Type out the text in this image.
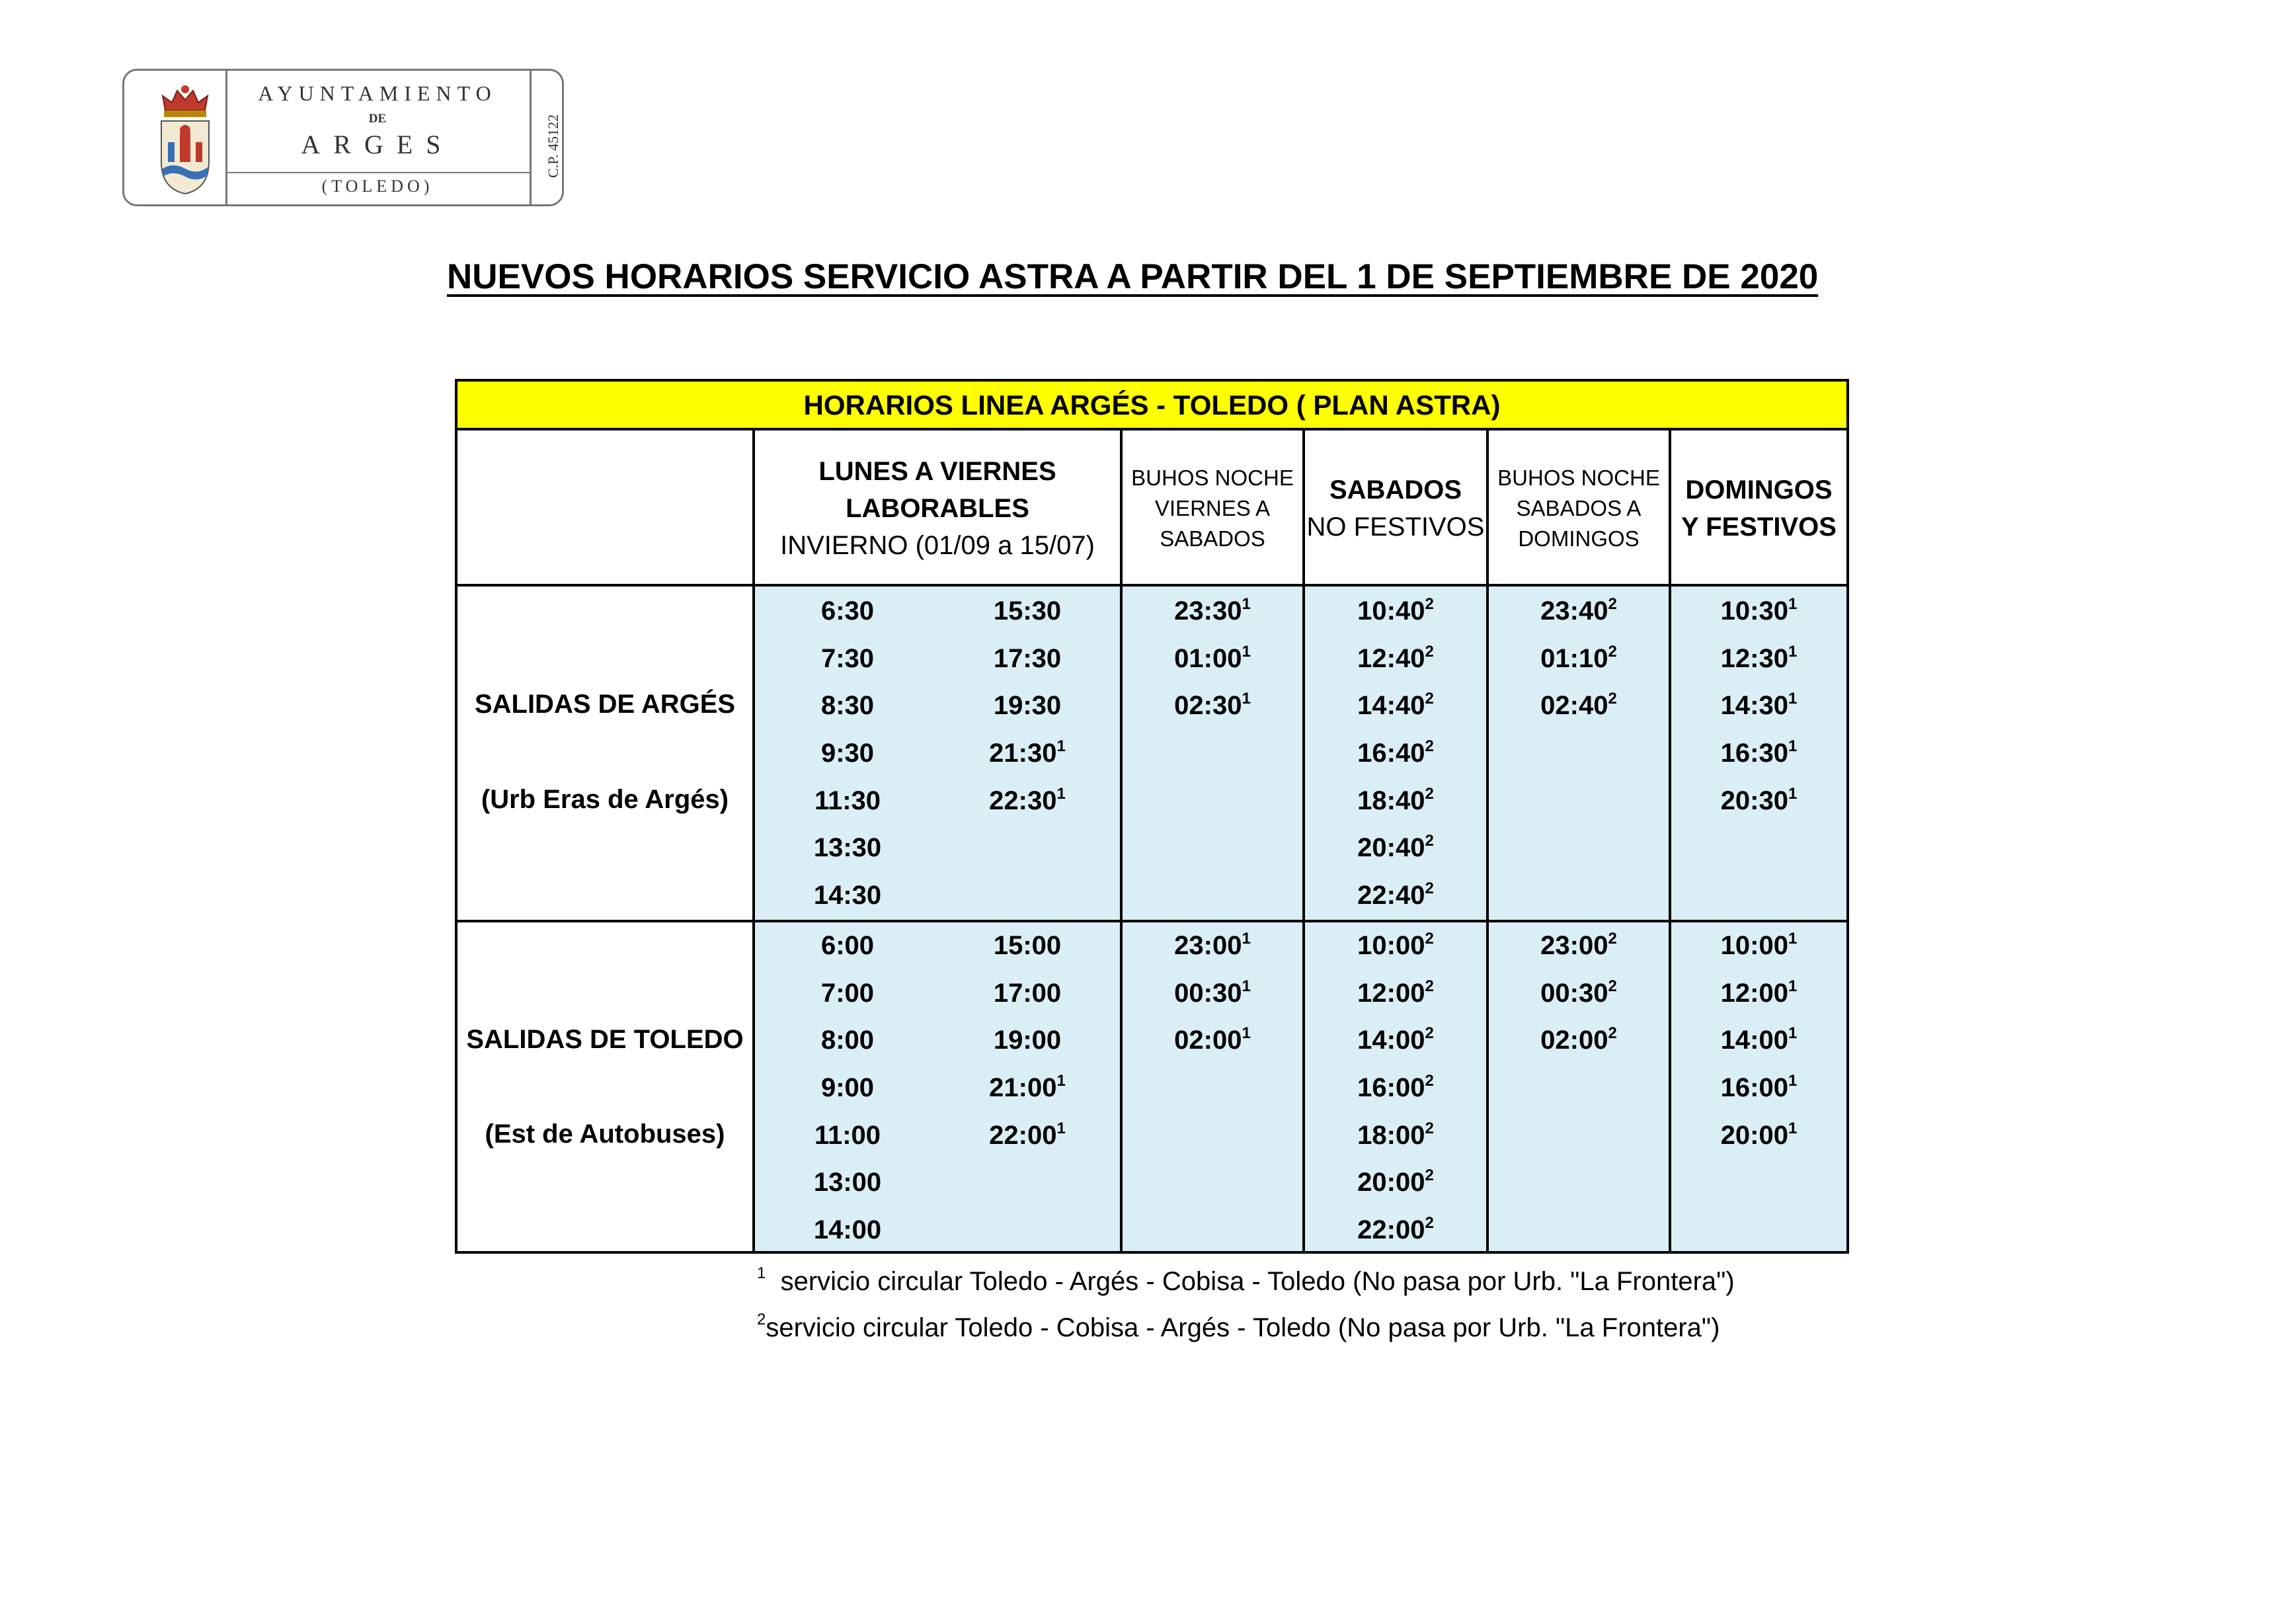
AYUNTAMIENTO
DE
ARGES
(TOLEDO)
C.P. 45122
NUEVOS HORARIOS SERVICIO ASTRA A PARTIR DEL 1 DE SEPTIEMBRE DE 2020
HORARIOS LINEA ARGÉS - TOLEDO ( PLAN ASTRA)
LUNES A VIERNES
LABORABLES
INVIERNO (01/09 a 15/07)
BUHOS NOCHE
VIERNES A
SABADOS
SABADOS
NO FESTIVOS
BUHOS NOCHE
SABADOS A
DOMINGOS
DOMINGOS
Y FESTIVOS
SALIDAS DE ARGÉS
(Urb Eras de Argés)
6:30
7:30
8:30
9:30
11:30
13:30
14:30
15:30
17:30
19:30
$21:30^1$
$22:30^1$
$23:30^1$
$01:00^1$
$02:30^1$
$10:40^2$
$12:40^2$
$14:40^2$
$16:40^2$
$18:40^2$
$20:40^2$
$22:40^2$
$23:40^2$
$01:10^2$
$02:40^2$
$10:30^1$
$12:30^1$
$14:30^1$
$16:30^1$
$20:30^1$
SALIDAS DE TOLEDO
(Est de Autobuses)
6:00
7:00
8:00
9:00
11:00
13:00
14:00
15:00
17:00
19:00
$21:00^1$
$22:00^1$
$23:00^1$
$00:30^1$
$02:00^1$
$10:00^2$
$12:00^2$
$14:00^2$
$16:00^2$
$18:00^2$
$20:00^2$
$22:00^2$
$23:00^2$
$00:30^2$
$02:00^2$
$10:00^1$
$12:00^1$
$14:00^1$
$16:00^1$
$20:00^1$
$^1$ servicio circular Toledo - Argés - Cobisa - Toledo (No pasa por Urb. "La Frontera")
$^2$servicio circular Toledo - Cobisa - Argés - Toledo (No pasa por Urb. "La Frontera")
